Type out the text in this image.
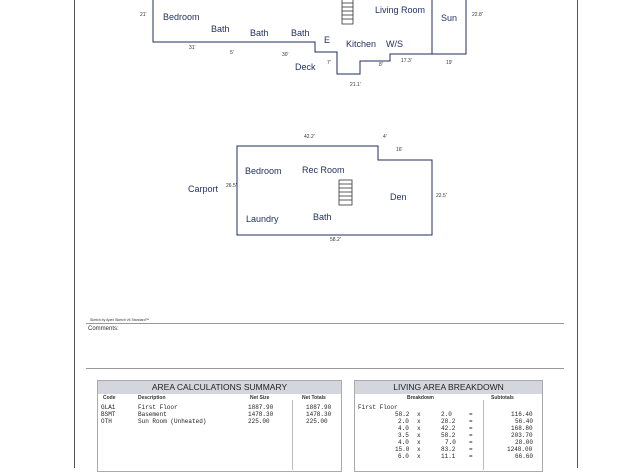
Bedroom
Bath Bath Bath
Living Room
Sun
Kitchen W/S
E
Deck
21'
31'
5'	30'
7'	8'
17.3'	19'
21.1'
22.8'
Bedroom Rec Room
Carport
Den
Laundry	Bath
42.2'	4'
16'
26.5'
22.5'
58.2'
Sketch by Apex Sketch v5 Standard™
Comments:
AREA CALCULATIONS SUMMARY
Code	Description	Net Size	Net Totals
GLA1	First Floor	1887.90	1887.90
BSMT	Basement	1478.30	1478.30
OTH	Sun Room (Unheated)	225.00	225.00
LIVING AREA BREAKDOWN
Breakdown	Subtotals
First Floor
58.2 x	2.0	=	116.40
2.0 x	28.2 =	56.40
4.0 x	42.2 =	168.80
3.5 x	58.2 =	203.70
4.0 x	7.0 =	28.00
15.0 x	83.2 =	1248.00
6.0 x	11.1 =	66.60
